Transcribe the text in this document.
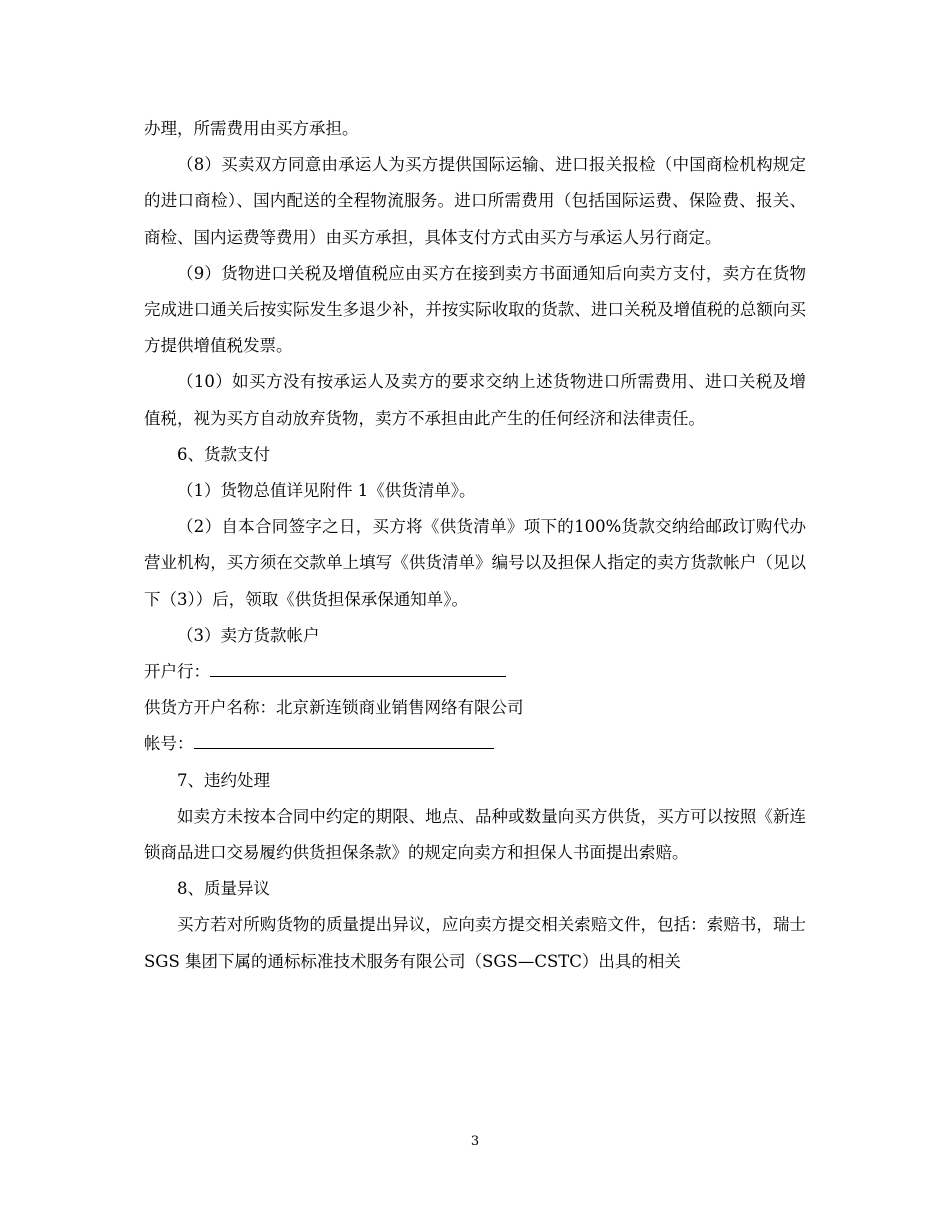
办理，所需费用由买方承担。

（8）买卖双方同意由承运人为买方提供国际运输、进口报关报检（中国商检机构规定的进口商检）、国内配送的全程物流服务。进口所需费用（包括国际运费、保险费、报关、商检、国内运费等费用）由买方承担，具体支付方式由买方与承运人另行商定。

（9）货物进口关税及增值税应由买方在接到卖方书面通知后向卖方支付，卖方在货物完成进口通关后按实际发生多退少补，并按实际收取的货款、进口关税及增值税的总额向买方提供增值税发票。

（10）如买方没有按承运人及卖方的要求交纳上述货物进口所需费用、进口关税及增值税，视为买方自动放弃货物，卖方不承担由此产生的任何经济和法律责任。

6、货款支付

（1）货物总值详见附件 1《供货清单》。

（2）自本合同签字之日，买方将《供货清单》项下的100%货款交纳给邮政订购代办营业机构，买方须在交款单上填写《供货清单》编号以及担保人指定的卖方货款帐户（见以下（3））后，领取《供货担保承保通知单》。

（3）卖方货款帐户

开户行：

供货方开户名称：北京新连锁商业销售网络有限公司

帐号：

7、违约处理

如卖方未按本合同中约定的期限、地点、品种或数量向买方供货，买方可以按照《新连锁商品进口交易履约供货担保条款》的规定向卖方和担保人书面提出索赔。

8、质量异议

买方若对所购货物的质量提出异议，应向卖方提交相关索赔文件，包括：索赔书，瑞士 SGS 集团下属的通标标准技术服务有限公司（SGS—CSTC）出具的相关

3
